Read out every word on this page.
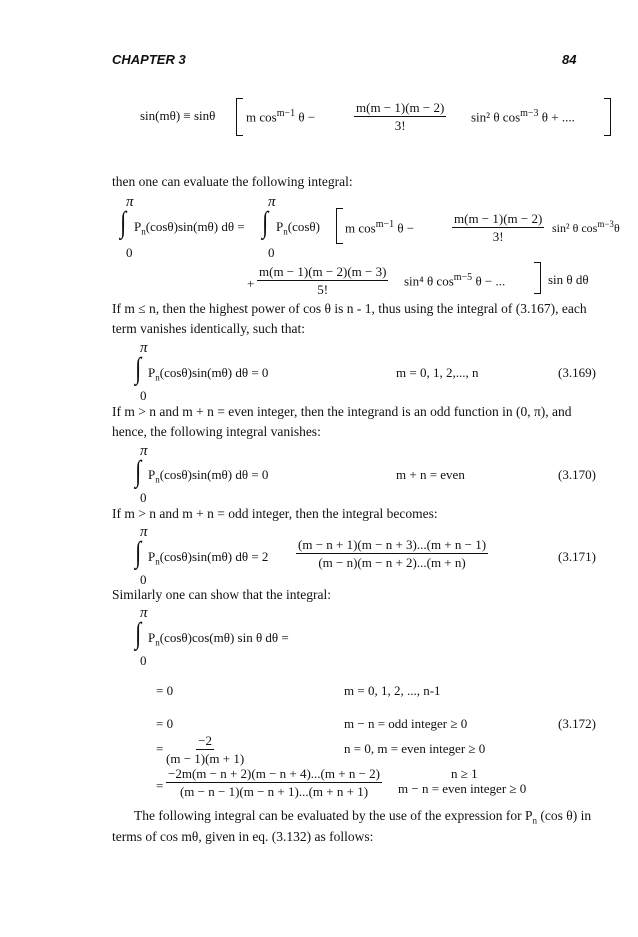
CHAPTER 3	84
sin(mθ) ≡ sinθ m $\cos^{m-1} \theta$ −	$\frac{m(m - 1)(m - 2)}{3!} \sin^2$ θ $\cos^{m-3} \theta$ + ....
then one can evaluate the following integral:
π
∫
0
$P_n(\cos\theta)\sin(m\theta) d\theta$ =
π
∫
0
$P_n(\cos\theta)$ m $\cos^{m-1} \theta$ −	$\frac{m(m - 1)(m - 2)}{3!} \sin^2$ θ $\cos^{m-3}\theta$
+ $\frac{m(m - 1)(m - 2)(m - 3)}{5!} \sin^4$ θ $\cos^{m-5} \theta$ − ...	sin θ dθ
If m ≤ n, then the highest power of cos θ is n - 1, thus using the integral of (3.167), each
term vanishes identically, such that:
π
∫
0
$P_n(\cos\theta)\sin(m\theta) d\theta = 0$	m = 0, 1, 2,..., n	(3.169)
If m > n and m + n = even integer, then the integrand is an odd function in (0, π), and
hence, the following integral vanishes:
π
∫
0
$P_n(\cos\theta)\sin(m\theta) d\theta = 0$	m + n = even	(3.170)
If m > n and m + n = odd integer, then the integral becomes:
π
∫
0
$P_n(\cos\theta)\sin(m\theta) d\theta = 2 \frac{(m - n + 1)(m - n + 3)...(m + n - 1)}{(m - n)(m - n + 2)...(m + n)}$	(3.171)
Similarly one can show that the integral:
π
∫
0
$P_n(\cos\theta)\cos(m\theta)$ sin θ dθ =
= 0	m = 0, 1, 2, ..., n-1
= 0	m − n = odd integer ≥ 0	(3.172)
= $\frac{-2}{(m - 1)(m + 1)}$	n = 0, m = even integer ≥ 0
= $\frac{-2m(m - n + 2)(m - n + 4)...(m + n - 2)}{(m - n - 1)(m - n + 1)...(m + n + 1)}$	n ≥ 1
m − n = even integer ≥ 0
The following integral can be evaluated by the use of the expression for $P_n$ (cos θ) in
terms of cos mθ, given in eq. (3.132) as follows:
